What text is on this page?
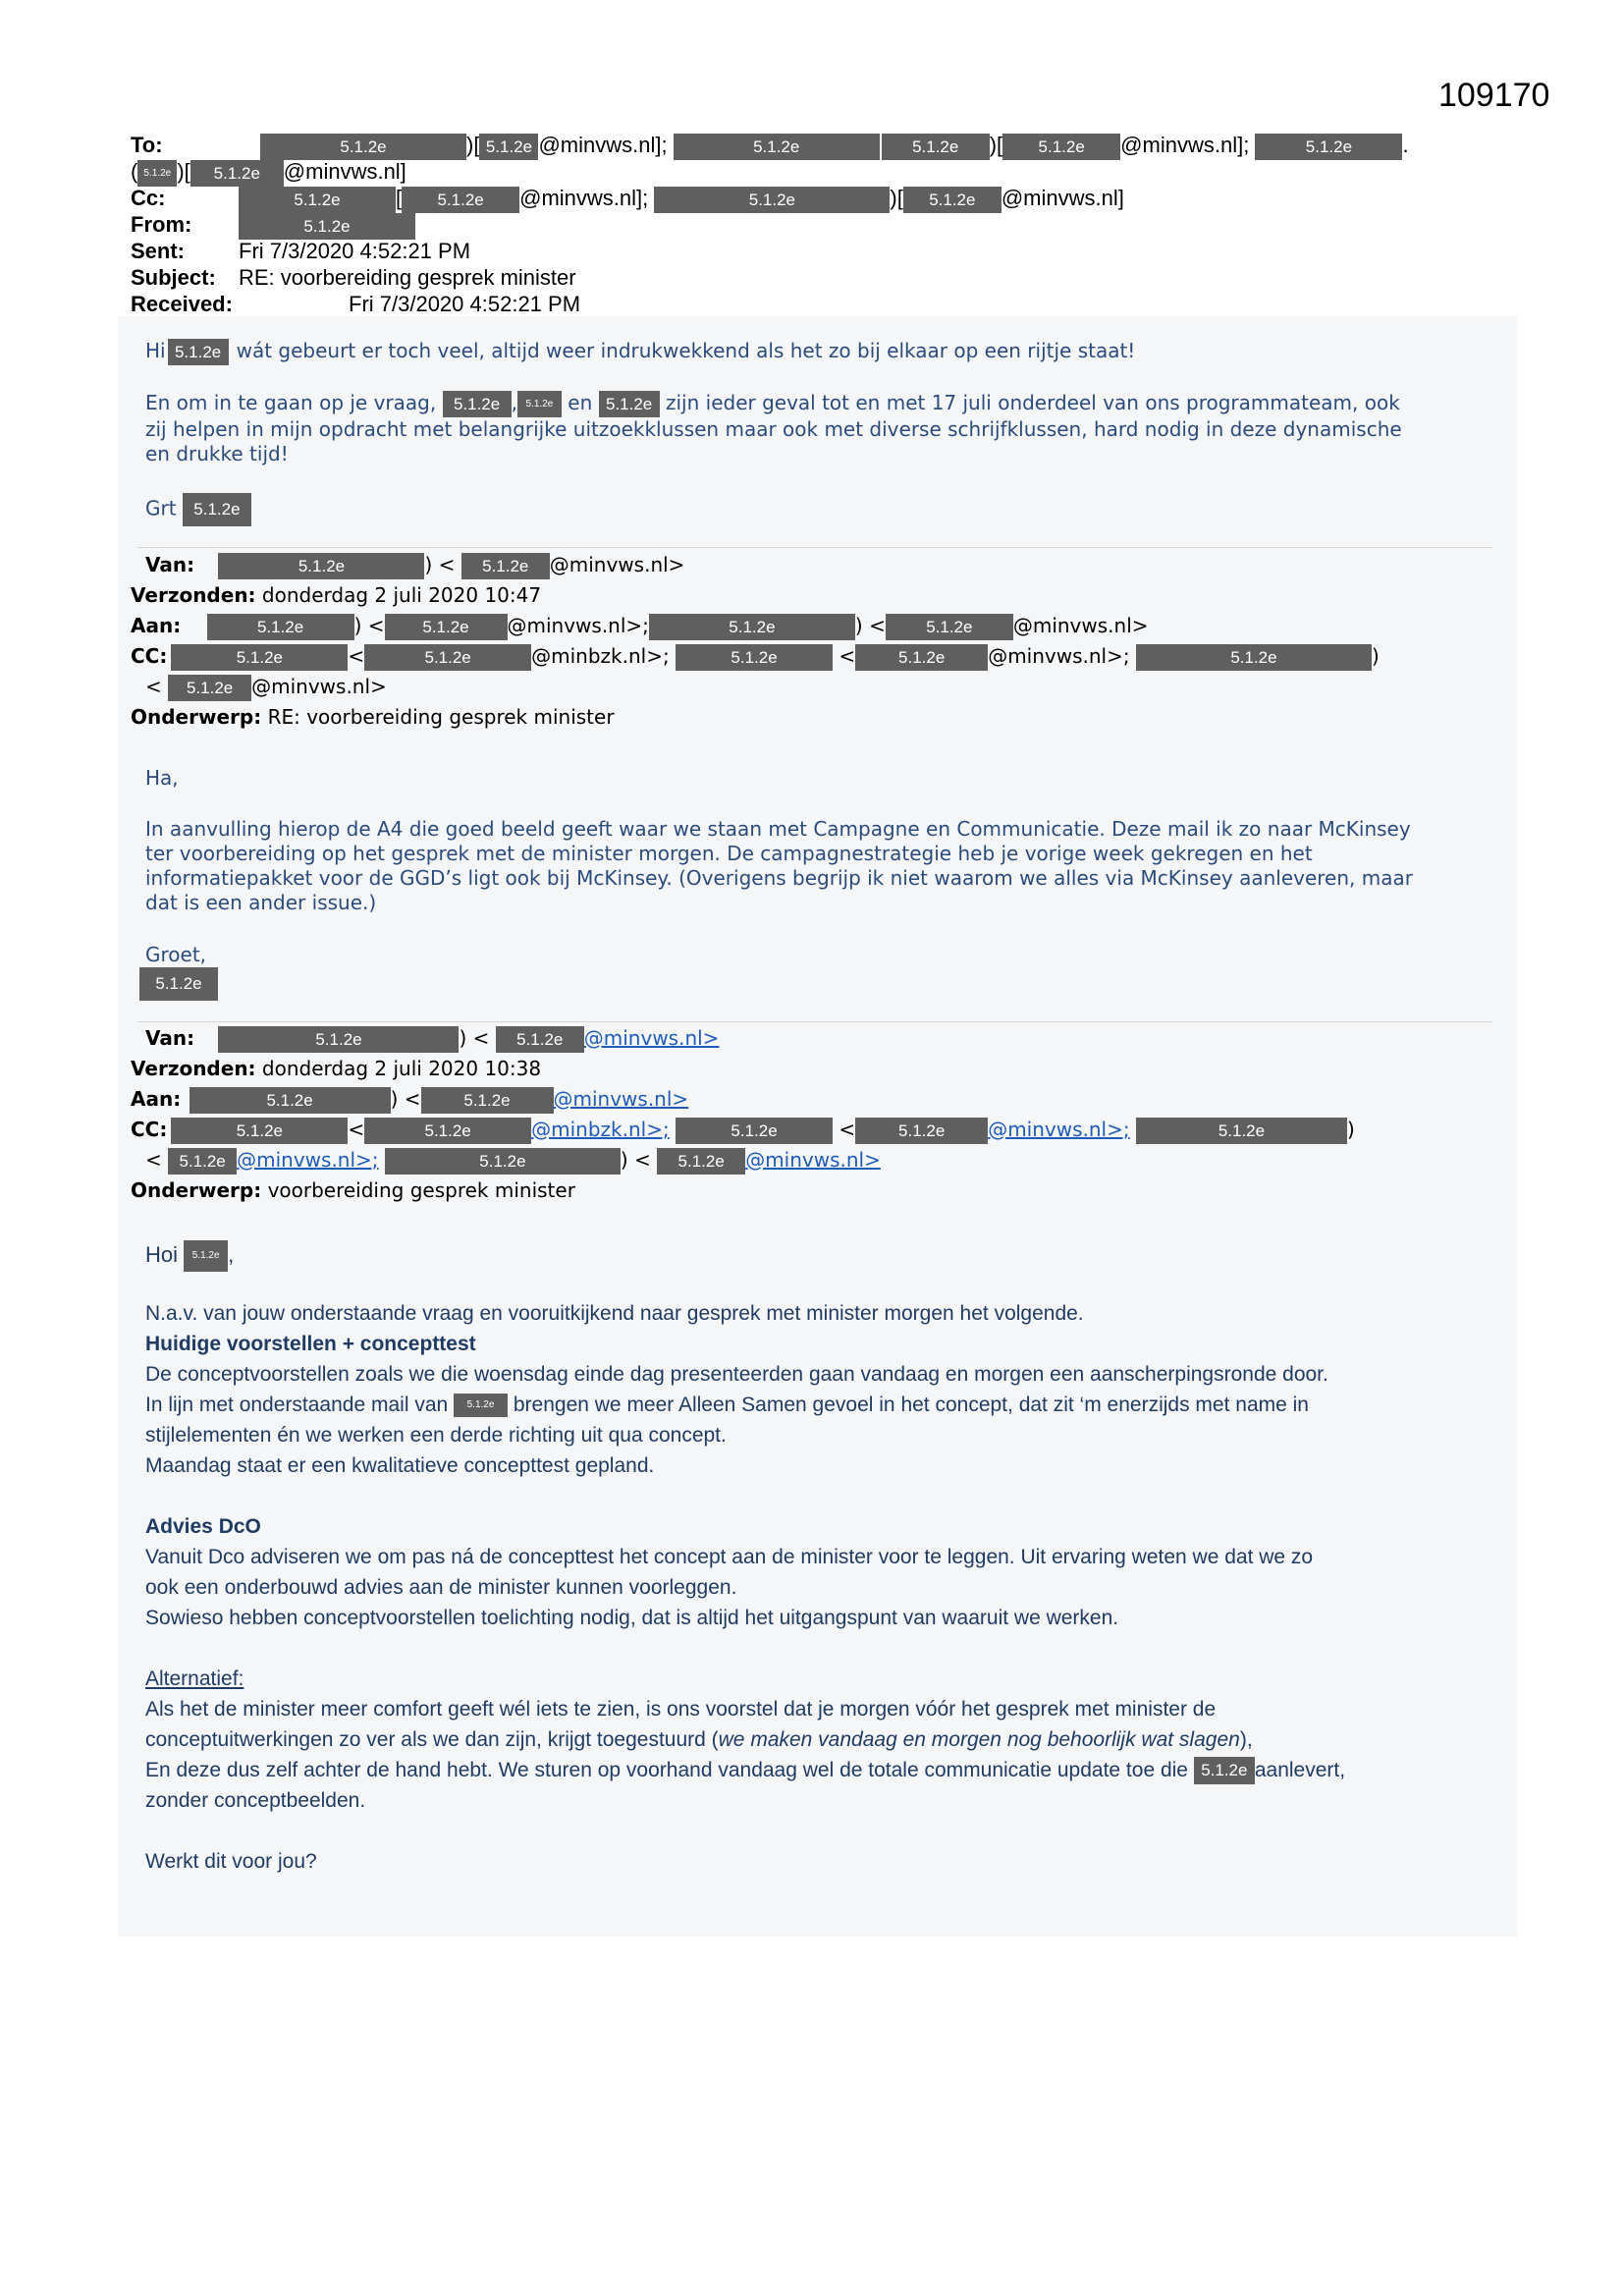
109170
To:	5.1.2e	)[ 5.1.2e @minvws.nl];	5.1.2e	5.1.2e )[ 5.1.2e @minvws.nl];	5.1.2e .
( 5.1.2e )[ 5.1.2e @minvws.nl]
Cc:	5.1.2e	[ 5.1.2e @minvws.nl];	5.1.2e	)[ 5.1.2e @minvws.nl]
From:	5.1.2e
Sent:	Fri 7/3/2020 4:52:21 PM
Subject: RE: voorbereiding gesprek minister
Received:	Fri 7/3/2020 4:52:21 PM
Hi 5.1.2e wát gebeurt er toch veel, altijd weer indrukwekkend als het zo bij elkaar op een rijtje staat!
En om in te gaan op je vraag, 5.1.2e , 5.1.2e en 5.1.2e zijn ieder geval tot en met 17 juli onderdeel van ons programmateam, ook
zij helpen in mijn opdracht met belangrijke uitzoekklussen maar ook met diverse schrijfklussen, hard nodig in deze dynamische
en drukke tijd!
Grt 5.1.2e
Van:	5.1.2e	) < 5.1.2e @minvws.nl>
Verzonden: donderdag 2 juli 2020 10:47
Aan:	5.1.2e	) < 5.1.2e @minvws.nl>;	5.1.2e	) < 5.1.2e @minvws.nl>
CC:	5.1.2e	<	5.1.2e	@minbzk.nl>;	5.1.2e	<	5.1.2e @minvws.nl>;	5.1.2e	)
< 5.1.2e @minvws.nl>
Onderwerp: RE: voorbereiding gesprek minister
Ha,
In aanvulling hierop de A4 die goed beeld geeft waar we staan met Campagne en Communicatie. Deze mail ik zo naar McKinsey
ter voorbereiding op het gesprek met de minister morgen. De campagnestrategie heb je vorige week gekregen en het
informatiepakket voor de GGD’s ligt ook bij McKinsey. (Overigens begrijp ik niet waarom we alles via McKinsey aanleveren, maar
dat is een ander issue.)
Groet,
5.1.2e
Van:	5.1.2e	) < 5.1.2e @minvws.nl>
Verzonden: donderdag 2 juli 2020 10:38
Aan:	5.1.2e	) <	5.1.2e @minvws.nl>
CC:	5.1.2e	<	5.1.2e	@minbzk.nl>;	5.1.2e	<	5.1.2e @minvws.nl>;	5.1.2e	)
< 5.1.2e @minvws.nl>;	5.1.2e	) < 5.1.2e @minvws.nl>
Onderwerp: voorbereiding gesprek minister
Hoi 5.1.2e ,
N.a.v. van jouw onderstaande vraag en vooruitkijkend naar gesprek met minister morgen het volgende.
Huidige voorstellen + concepttest
De conceptvoorstellen zoals we die woensdag einde dag presenteerden gaan vandaag en morgen een aanscherpingsronde door.
In lijn met onderstaande mail van 5.1.2e brengen we meer Alleen Samen gevoel in het concept, dat zit ‘m enerzijds met name in
stijlelementen én we werken een derde richting uit qua concept.
Maandag staat er een kwalitatieve concepttest gepland.
Advies DcO
Vanuit Dco adviseren we om pas ná de concepttest het concept aan de minister voor te leggen. Uit ervaring weten we dat we zo
ook een onderbouwd advies aan de minister kunnen voorleggen.
Sowieso hebben conceptvoorstellen toelichting nodig, dat is altijd het uitgangspunt van waaruit we werken.
Alternatief:
Als het de minister meer comfort geeft wél iets te zien, is ons voorstel dat je morgen vóór het gesprek met minister de
conceptuitwerkingen zo ver als we dan zijn, krijgt toegestuurd (we maken vandaag en morgen nog behoorlijk wat slagen),
En deze dus zelf achter de hand hebt. We sturen op voorhand vandaag wel de totale communicatie update toe die 5.1.2e aanlevert,
zonder conceptbeelden.
Werkt dit voor jou?
